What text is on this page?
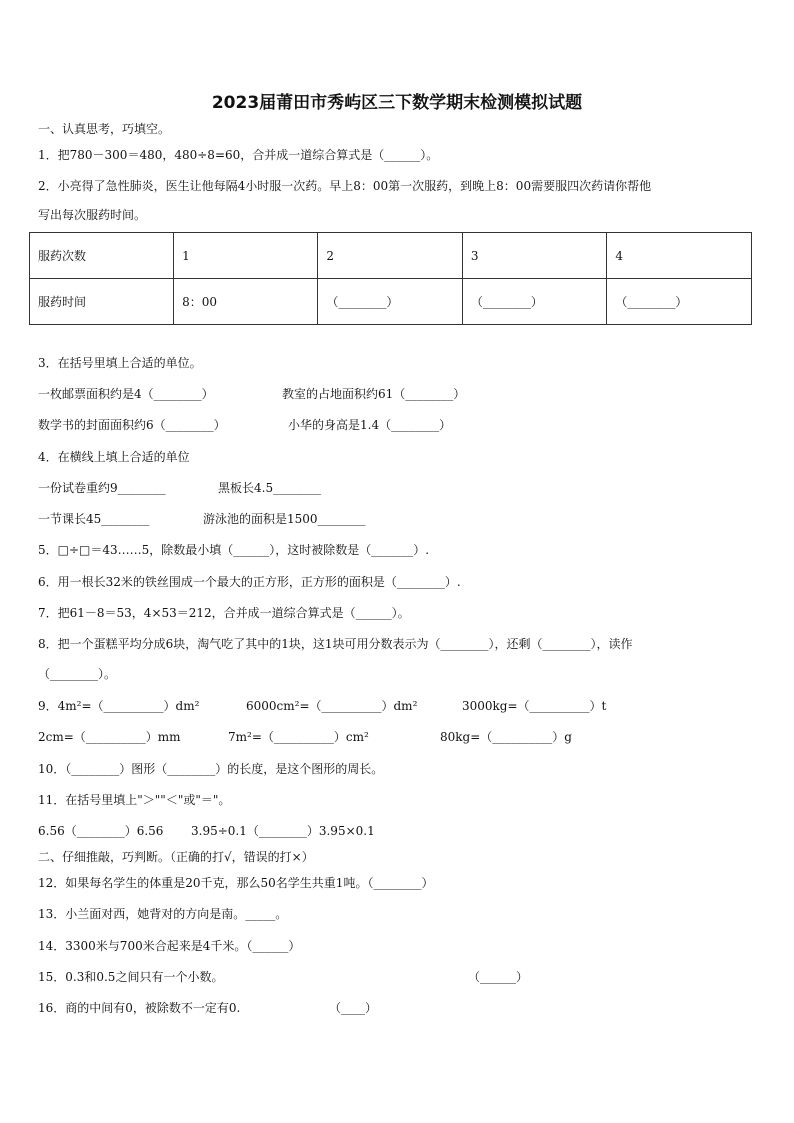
2023届莆田市秀屿区三下数学期末检测模拟试题
一、认真思考，巧填空。
1．把780－300＝480，480÷8=60，合并成一道综合算式是（______）。
2．小亮得了急性肺炎，医生让他每隔4小时服一次药。早上8：00第一次服药，到晚上8：00需要服四次药请你帮他
写出每次服药时间。
服药次数	1	2	3	4
服药时间	8：00	（________）	（________）	（________）
3．在括号里填上合适的单位。
一枚邮票面积约是4（________）	教室的占地面积约61（________）
数学书的封面面积约6（________）	小华的身高是1.4（________）
4．在横线上填上合适的单位
一份试卷重约9________	黑板长4.5________
一节课长45________	游泳池的面积是1500________
5．□÷□＝43……5，除数最小填（______），这时被除数是（_______）.
6．用一根长32米的铁丝围成一个最大的正方形，正方形的面积是（________）.
7．把61－8＝53，4×53＝212，合并成一道综合算式是（______）。
8．把一个蛋糕平均分成6块，淘气吃了其中的1块，这1块可用分数表示为（________），还剩（________），读作
（________）。
9．4m²=（__________）dm²	6000cm²=（__________）dm²	3000kg=（__________）t
2cm=（__________）mm	7m²=（__________）cm²	80kg=（__________）g
10．（________）图形（________）的长度，是这个图形的周长。
11．在括号里填上"＞""＜"或"＝"。
6.56（________）6.56 3.95÷0.1（________）3.95×0.1
二、仔细推敲，巧判断。（正确的打√，错误的打×）
12．如果每名学生的体重是20千克，那么50名学生共重1吨。（________）
13．小兰面对西，她背对的方向是南。_____。
14．3300米与700米合起来是4千米。（______）
15．0.3和0.5之间只有一个小数。	（______）
16．商的中间有0，被除数不一定有0.	（____）
